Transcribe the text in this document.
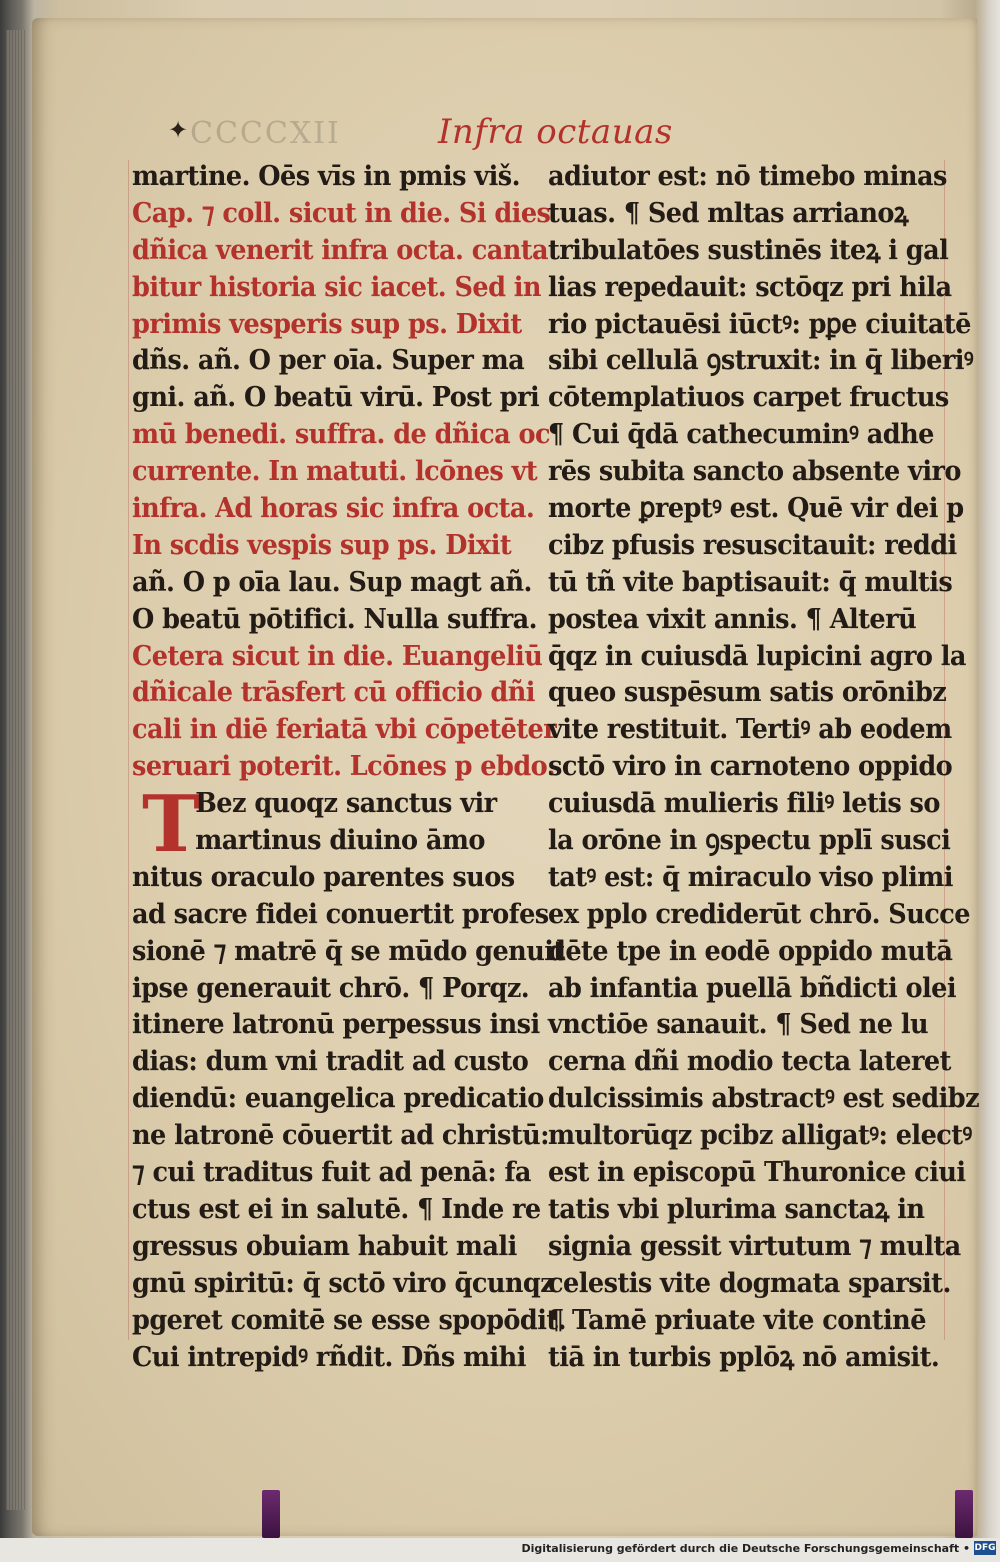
✦ CCCCXII	Infra octauas
martine. Oēs vīs in pmis viš.
Cap. ⁊ coll. sicut in die. Si dies
dñica venerit infra octa. canta
bitur historia sic iacet. Sed in
primis vesperis sup ps. Dixit
dñs. añ. O per oīa. Super ma
gni. añ. O beatū virū. Post pri
mū benedi. suffra. de dñica oc
currente. In matuti. lcōnes vt
infra. Ad horas sic infra octa.
In scdis vespis sup ps. Dixit
añ. O p oīa lau. Sup magt añ.
O beatū pōtifici. Nulla suffra.
Cetera sicut in die. Euangeliū
dñicale trāsfert cū officio dñi
cali in diē feriatā vbi cōpetēter
seruari poterit. Lcōnes p ebdo.
T
Bez quoqz sanctus vir
martinus diuino āmo
nitus oraculo parentes suos
ad sacre fidei conuertit profes
sionē ⁊ matrē q̄ se mūdo genuit
ipse generauit chrō. ¶ Porqz.
itinere latronū perpessus insi
dias: dum vni tradit ad custo
diendū: euangelica predicatio
ne latronē cōuertit ad christū:
⁊ cui traditus fuit ad penā: fa
ctus est ei in salutē. ¶ Inde re
gressus obuiam habuit mali
gnū spiritū: q̄ sctō viro q̄cunqz
pgeret comitē se esse spopōdit.
Cui intrepidꝰ rñdit. Dñs mihi
adiutor est: nō timebo minas
tuas. ¶ Sed mltas arrianoꝝ
tribulatōes sustinēs iteꝝ i gal
lias repedauit: sctōqz pri hila
rio pictauēsi iūctꝰ: pꝑe ciuitatē
sibi cellulā ꝯstruxit: in q̄ liberiꝰ
cōtemplatiuos carpet fructus
¶ Cui q̄dā cathecuminꝰ adhe
rēs subita sancto absente viro
morte ꝑreptꝰ est. Quē vir dei p
cibz pfusis resuscitauit: reddi
tū tñ vite baptisauit: q̄ multis
postea vixit annis. ¶ Alterū
q̄qz in cuiusdā lupicini agro la
queo suspēsum satis orōnibz
vite restituit. Tertiꝰ ab eodem
sctō viro in carnoteno oppido
cuiusdā mulieris filiꝰ letis so
la orōne in ꝯspectu pplī susci
tatꝰ est: q̄ miraculo viso plimi
ex pplo crediderūt chrō. Succe
dēte tpe in eodē oppido mutā
ab infantia puellā bñdicti olei
vnctiōe sanauit. ¶ Sed ne lu
cerna dñi modio tecta lateret
dulcissimis abstractꝰ est sedibz
multorūqz pcibz alligatꝰ: electꝰ
est in episcopū Thuronice ciui
tatis vbi plurima sanctaꝝ in
signia gessit virtutum ⁊ multa
celestis vite dogmata sparsit.
¶ Tamē priuate vite continē
tiā in turbis pplōꝝ nō amisit.
Digitalisierung gefördert durch die Deutsche Forschungsgemeinschaft • DFG
